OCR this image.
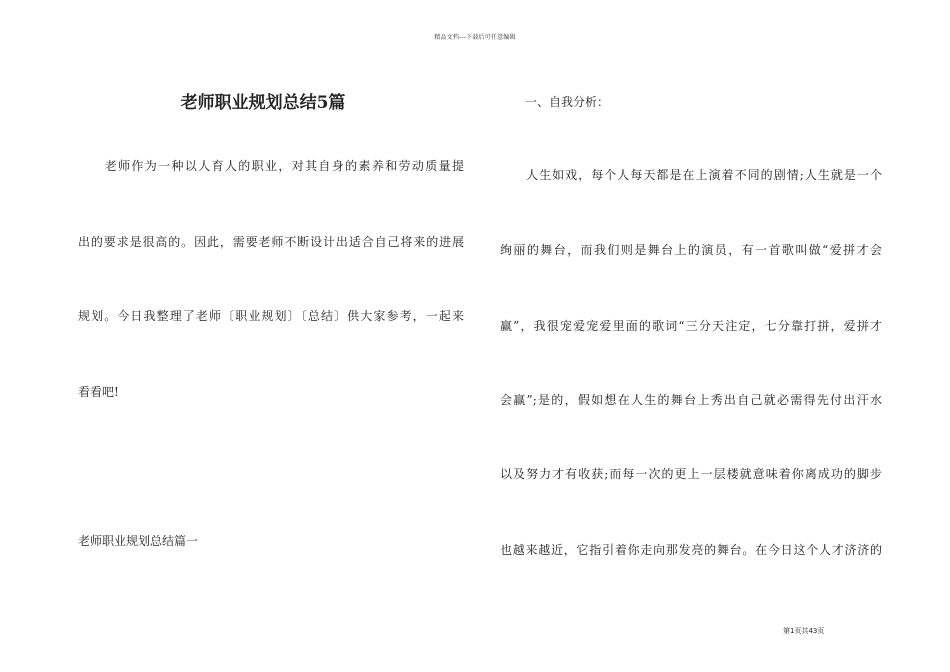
精品文档---下载后可任意编辑
老师职业规划总结5篇
　　老师作为一种以人育人的职业，对其自身的素养和劳动质量提
出的要求是很高的。因此，需要老师不断设计出适合自己将来的进展
规划。今日我整理了老师〔职业规划〕〔总结〕供大家参考，一起来
看看吧!
老师职业规划总结篇一
一、自我分析：
　　人生如戏，每个人每天都是在上演着不同的剧情;人生就是一个
绚丽的舞台，而我们则是舞台上的演员，有一首歌叫做“爱拼才会
赢”，我很宠爱宠爱里面的歌词“三分天注定，七分靠打拼，爱拼才
会赢”;是的，假如想在人生的舞台上秀出自己就必需得先付出汗水
以及努力才有收获;而每一次的更上一层楼就意味着你离成功的脚步
也越来越近，它指引着你走向那发亮的舞台。在今日这个人才济济的
第1页共43页
